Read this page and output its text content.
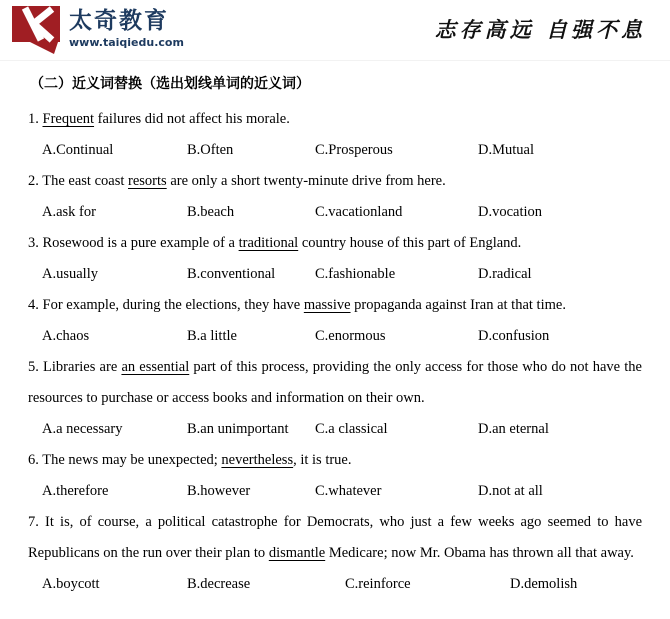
太奇教育
www.taiqiedu.com
志存高远 自强不息
（二）近义词替换（选出划线单词的近义词）

1. Frequent failures did not affect his morale.

A.Continual	B.Often	C.Prosperous	D.Mutual

2. The east coast resorts are only a short twenty-minute drive from here.

A.ask for	B.beach	C.vacationland	D.vocation

3. Rosewood is a pure example of a traditional country house of this part of England.

A.usually	B.conventional	C.fashionable	D.radical

4. For example, during the elections, they have massive propaganda against Iran at that time.

A.chaos	B.a little	C.enormous	D.confusion

5. Libraries are an essential part of this process, providing the only access for those who do not have the resources to purchase or access books and information on their own.

A.a necessary	B.an unimportant C.a classical	D.an eternal

6. The news may be unexpected; nevertheless, it is true.

A.therefore	B.however	C.whatever	D.not at all

7. It is, of course, a political catastrophe for Democrats, who just a few weeks ago seemed to have Republicans on the run over their plan to dismantle Medicare; now Mr. Obama has thrown all that away.

A.boycott	B.decrease	C.reinforce	D.demolish
